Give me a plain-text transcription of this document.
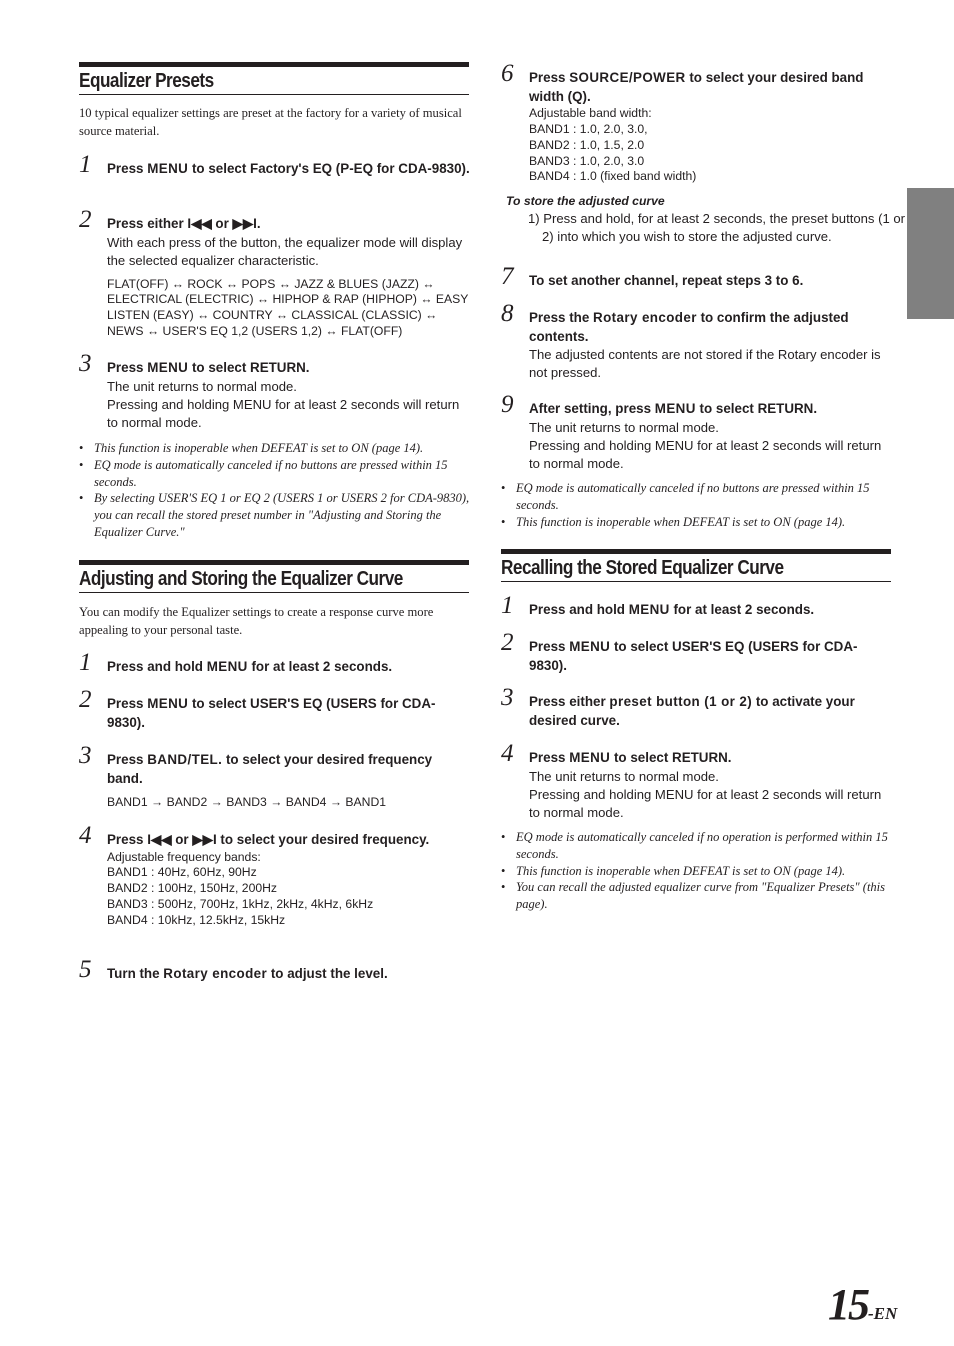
Equalizer Presets
10 typical equalizer settings are preset at the factory for a variety of musical source material.
1 Press MENU to select Factory's EQ (P-EQ for CDA-9830).
2 Press either I◀◀ or ▶▶I.
With each press of the button, the equalizer mode will display the selected equalizer characteristic.
FLAT(OFF) ↔ ROCK ↔ POPS ↔ JAZZ & BLUES (JAZZ) ↔ ELECTRICAL (ELECTRIC) ↔ HIPHOP & RAP (HIPHOP) ↔ EASY LISTEN (EASY) ↔ COUNTRY ↔ CLASSICAL (CLASSIC) ↔ NEWS ↔ USER'S EQ 1,2 (USERS 1,2) ↔ FLAT(OFF)
3 Press MENU to select RETURN.
The unit returns to normal mode.
Pressing and holding MENU for at least 2 seconds will return to normal mode.
• This function is inoperable when DEFEAT is set to ON (page 14).
• EQ mode is automatically canceled if no buttons are pressed within 15 seconds.
• By selecting USER'S EQ 1 or EQ 2 (USERS 1 or USERS 2 for CDA-9830), you can recall the stored preset number in "Adjusting and Storing the Equalizer Curve."
Adjusting and Storing the Equalizer Curve
You can modify the Equalizer settings to create a response curve more appealing to your personal taste.
1 Press and hold MENU for at least 2 seconds.
2 Press MENU to select USER'S EQ (USERS for CDA-9830).
3 Press BAND/TEL. to select your desired frequency band.
BAND1 → BAND2 → BAND3 → BAND4 → BAND1
4 Press I◀◀ or ▶▶I to select your desired frequency.
Adjustable frequency bands:
BAND1 : 40Hz, 60Hz, 90Hz
BAND2 : 100Hz, 150Hz, 200Hz
BAND3 : 500Hz, 700Hz, 1kHz, 2kHz, 4kHz, 6kHz
BAND4 : 10kHz, 12.5kHz, 15kHz
5 Turn the Rotary encoder to adjust the level.
6 Press SOURCE/POWER to select your desired band width (Q).
Adjustable band width:
BAND1 : 1.0, 2.0, 3.0,
BAND2 : 1.0, 1.5, 2.0
BAND3 : 1.0, 2.0, 3.0
BAND4 : 1.0 (fixed band width)
To store the adjusted curve
1) Press and hold, for at least 2 seconds, the preset buttons (1 or 2) into which you wish to store the adjusted curve.
7 To set another channel, repeat steps 3 to 6.
8 Press the Rotary encoder to confirm the adjusted contents.
The adjusted contents are not stored if the Rotary encoder is not pressed.
9 After setting, press MENU to select RETURN.
The unit returns to normal mode.
Pressing and holding MENU for at least 2 seconds will return to normal mode.
• EQ mode is automatically canceled if no buttons are pressed within 15 seconds.
• This function is inoperable when DEFEAT is set to ON (page 14).
Recalling the Stored Equalizer Curve
1 Press and hold MENU for at least 2 seconds.
2 Press MENU to select USER'S EQ (USERS for CDA-9830).
3 Press either preset button (1 or 2) to activate your desired curve.
4 Press MENU to select RETURN.
The unit returns to normal mode.
Pressing and holding MENU for at least 2 seconds will return to normal mode.
• EQ mode is automatically canceled if no operation is performed within 15 seconds.
• This function is inoperable when DEFEAT is set to ON (page 14).
• You can recall the adjusted equalizer curve from "Equalizer Presets" (this page).
15-EN
